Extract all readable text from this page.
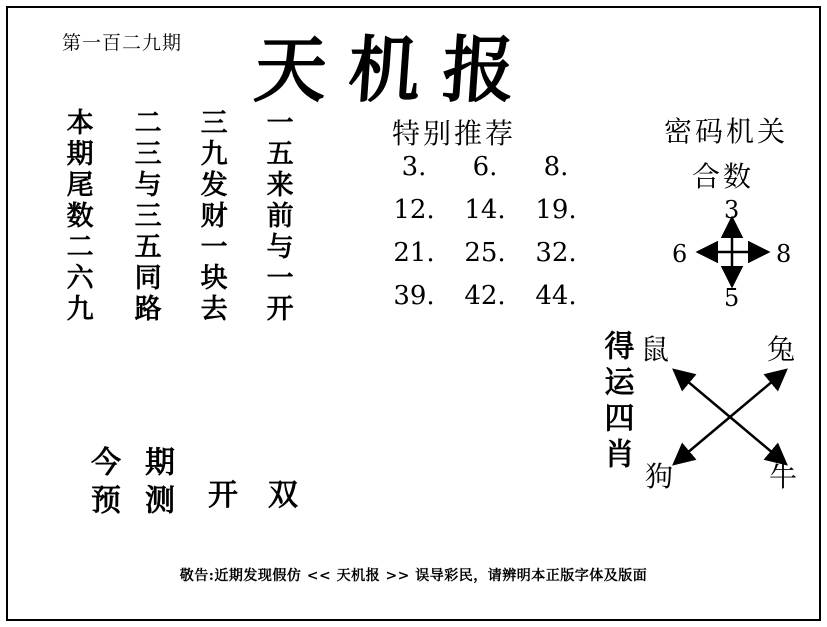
第一百二九期 天机报
本期尾数二六九 二三与三五同路 三九发财一块去 一五来前与一开	特别推荐
3.	6.	8.
12. 14. 19.
21. 25. 32.
39. 42. 44.
密码机关
合数
3
5
6	8
得运四肖 鼠	兔
狗	牛
今预 期测 开 双
敬告:近期发现假仿 << 天机报 >> 误导彩民，请辨明本正版字体及版面
